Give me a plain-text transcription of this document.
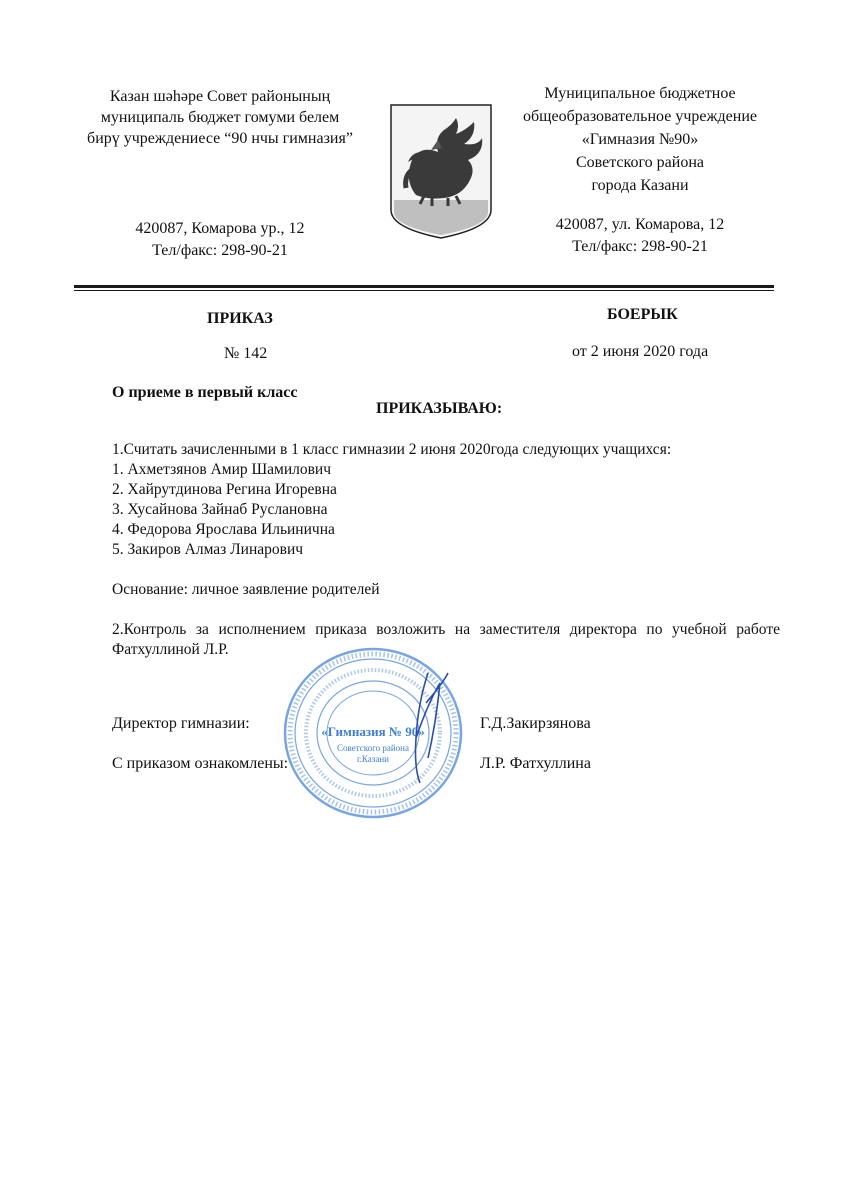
Казан шәһәре Совет районының
муниципаль бюджет гомуми белем
бирү учреждениесе “90 нчы гимназия”
Муниципальное бюджетное
общеобразовательное учреждение
«Гимназия №90»
Советского района
города Казани
420087, Комарова ур., 12
Тел/факс: 298-90-21
420087, ул. Комарова, 12
Тел/факс: 298-90-21
ПРИКАЗ	БОЕРЫК
№ 142	от 2 июня 2020 года
О приеме в первый класс
ПРИКАЗЫВАЮ:
1.Считать зачисленными в 1 класс гимназии 2 июня 2020года следующих учащихся:
1. Ахметзянов Амир Шамилович
2. Хайрутдинова Регина Игоревна
3. Хусайнова Зайнаб Руслановна
4. Федорова Ярослава Ильинична
5. Закиров Алмаз Линарович
Основание: личное заявление родителей
2.Контроль за исполнением приказа возложить на заместителя директора по учебной работе Фатхуллиной Л.Р.
Директор гимназии:	Г.Д.Закирзянова
С приказом ознакомлены:	Л.Р. Фатхуллина
«Гимназия № 90»
Советского района
г.Казани
